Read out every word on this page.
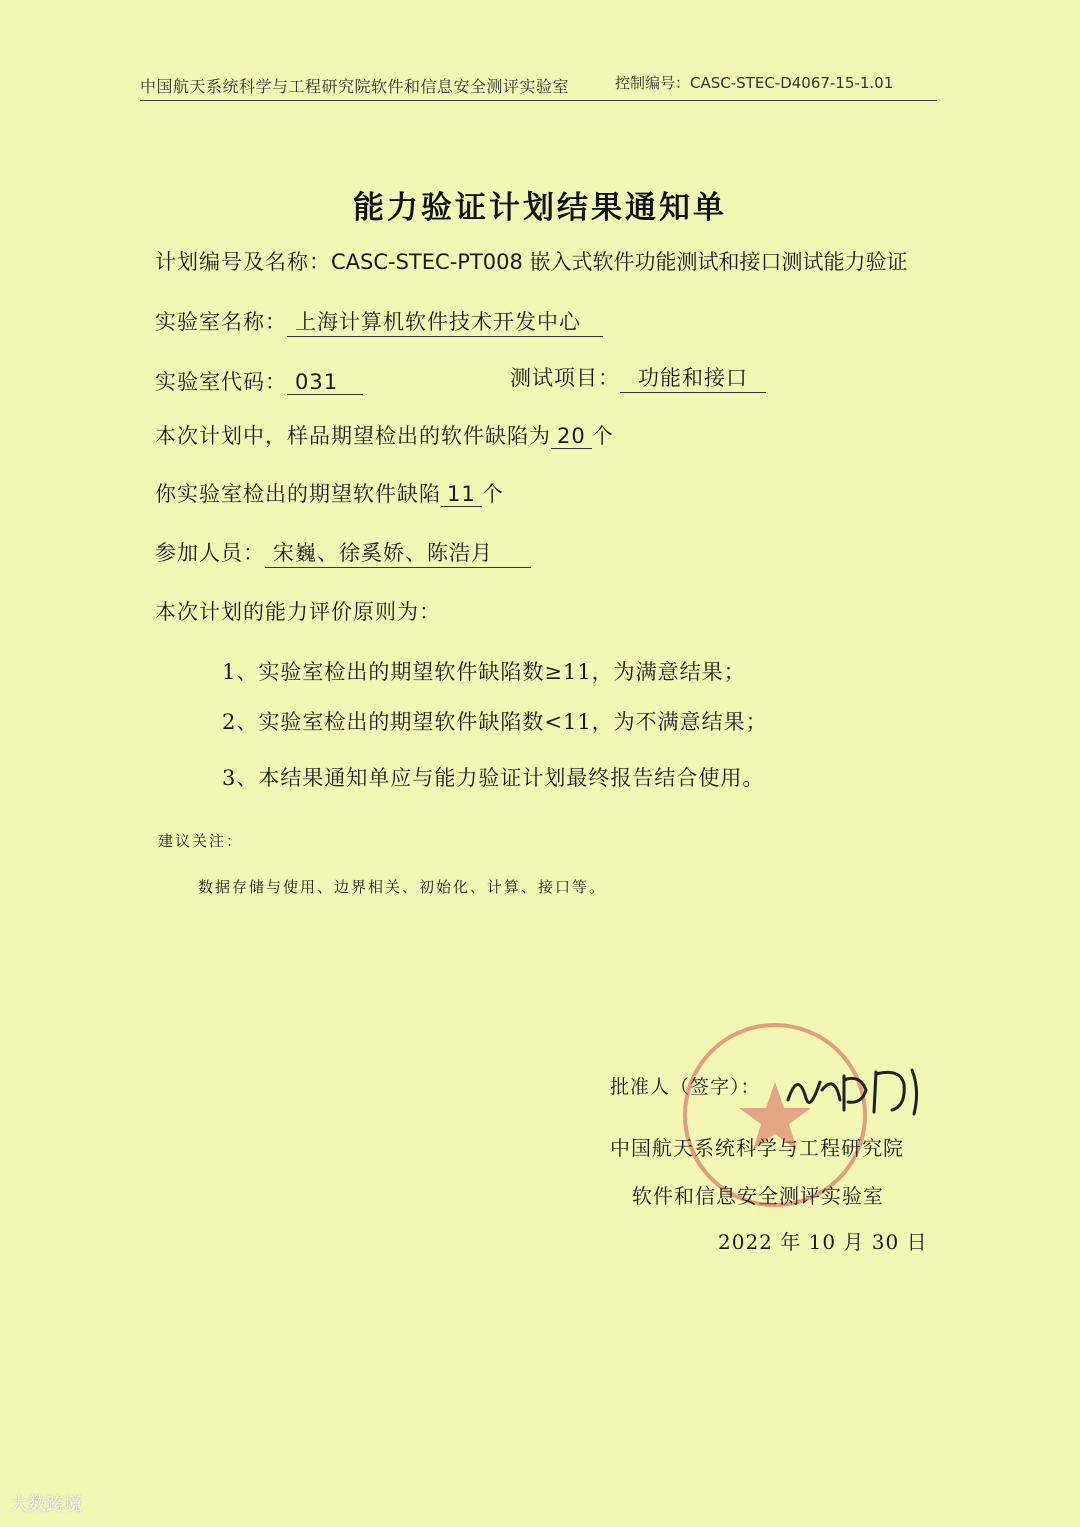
中国航天系统科学与工程研究院软件和信息安全测评实验室	控制编号：CASC-STEC-D4067-15-1.01
能力验证计划结果通知单
计划编号及名称：CASC-STEC-PT008 嵌入式软件功能测试和接口测试能力验证
实验室名称： 上海计算机软件技术开发中心
实验室代码： 031	测试项目： 功能和接口
本次计划中，样品期望检出的软件缺陷为 20 个
你实验室检出的期望软件缺陷 11 个
参加人员： 宋巍、徐奚娇、陈浩月
本次计划的能力评价原则为：
1、实验室检出的期望软件缺陷数≥11，为满意结果；
2、实验室检出的期望软件缺陷数<11，为不满意结果；
3、本结果通知单应与能力验证计划最终报告结合使用。
建议关注：
数据存储与使用、边界相关、初始化、计算、接口等。
批准人（签字）：
中国航天系统科学与工程研究院
软件和信息安全测评实验室
2022 年 10 月 30 日
大数跨境
